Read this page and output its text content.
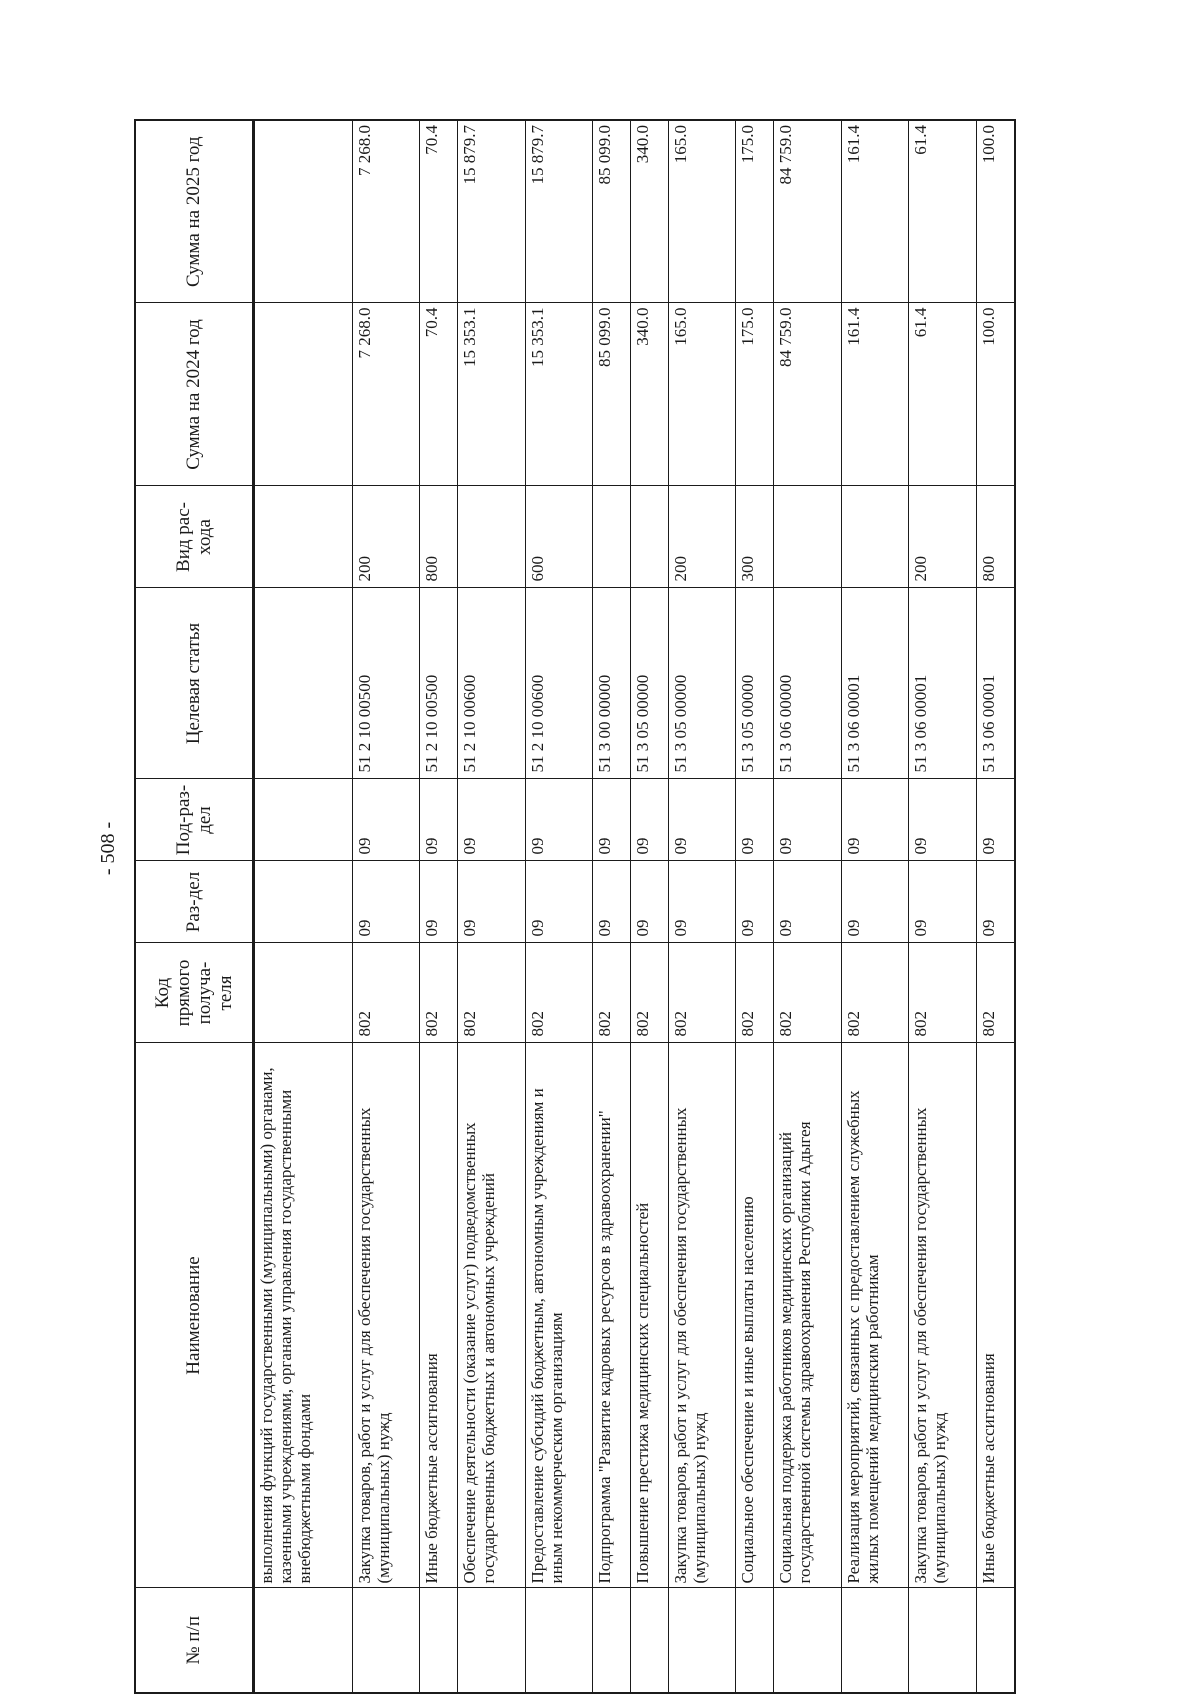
- 508 -
№ п/п	Наименование	Код прямого получа-теля	Раз-дел	Под-раз-дел	Целевая статья	Вид рас-хода	Сумма на 2024 год	Сумма на 2025 год
	выполнения функций государственными (муниципальными) органами, казенными учреждениями, органами управления государственными внебюджетными фондами							
	Закупка товаров, работ и услуг для обеспечения государственных (муниципальных) нужд	802	09	09	51 2 10 00500	200	7 268.0	7 268.0
	Иные бюджетные ассигнования	802	09	09	51 2 10 00500	800	70.4	70.4
	Обеспечение деятельности (оказание услуг) подведомственных государственных бюджетных и автономных учреждений	802	09	09	51 2 10 00600		15 353.1	15 879.7
	Предоставление субсидий бюджетным, автономным учреждениям и иным некоммерческим организациям	802	09	09	51 2 10 00600	600	15 353.1	15 879.7
	Подпрограмма "Развитие кадровых ресурсов в здравоохранении"	802	09	09	51 3 00 00000		85 099.0	85 099.0
	Повышение престижа медицинских специальностей	802	09	09	51 3 05 00000		340.0	340.0
	Закупка товаров, работ и услуг для обеспечения государственных (муниципальных) нужд	802	09	09	51 3 05 00000	200	165.0	165.0
	Социальное обеспечение и иные выплаты населению	802	09	09	51 3 05 00000	300	175.0	175.0
	Социальная поддержка работников медицинских организаций государственной системы здравоохранения Республики Адыгея	802	09	09	51 3 06 00000		84 759.0	84 759.0
	Реализация мероприятий, связанных с предоставлением служебных жилых помещений медицинским работникам	802	09	09	51 3 06 00001		161.4	161.4
	Закупка товаров, работ и услуг для обеспечения государственных (муниципальных) нужд	802	09	09	51 3 06 00001	200	61.4	61.4
	Иные бюджетные ассигнования	802	09	09	51 3 06 00001	800	100.0	100.0
